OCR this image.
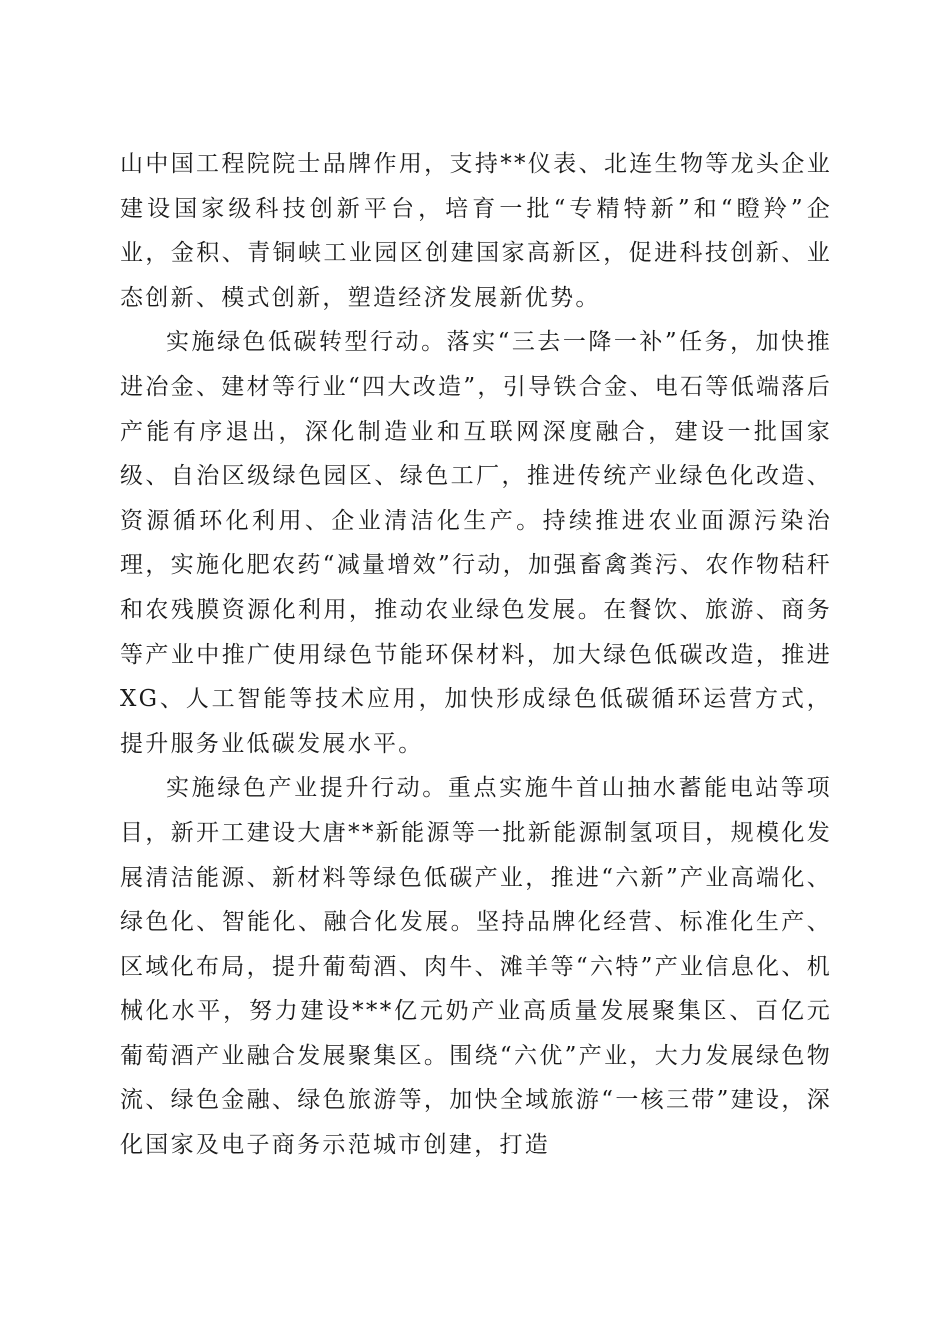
山中国工程院院士品牌作用，支持**仪表、北连生物等龙头企业建设国家级科技创新平台，培育一批“专精特新”和“瞪羚”企业，金积、青铜峡工业园区创建国家高新区，促进科技创新、业态创新、模式创新，塑造经济发展新优势。

实施绿色低碳转型行动。落实“三去一降一补”任务，加快推进冶金、建材等行业“四大改造”，引导铁合金、电石等低端落后产能有序退出，深化制造业和互联网深度融合，建设一批国家级、自治区级绿色园区、绿色工厂，推进传统产业绿色化改造、资源循环化利用、企业清洁化生产。持续推进农业面源污染治理，实施化肥农药“减量增效”行动，加强畜禽粪污、农作物秸秆和农残膜资源化利用，推动农业绿色发展。在餐饮、旅游、商务等产业中推广使用绿色节能环保材料，加大绿色低碳改造，推进XG、人工智能等技术应用，加快形成绿色低碳循环运营方式，提升服务业低碳发展水平。

实施绿色产业提升行动。重点实施牛首山抽水蓄能电站等项目，新开工建设大唐**新能源等一批新能源制氢项目，规模化发展清洁能源、新材料等绿色低碳产业，推进“六新”产业高端化、绿色化、智能化、融合化发展。坚持品牌化经营、标准化生产、区域化布局，提升葡萄酒、肉牛、滩羊等“六特”产业信息化、机械化水平，努力建设***亿元奶产业高质量发展聚集区、百亿元葡萄酒产业融合发展聚集区。围绕“六优”产业，大力发展绿色物流、绿色金融、绿色旅游等，加快全域旅游“一核三带”建设，深化国家及电子商务示范城市创建，打造
